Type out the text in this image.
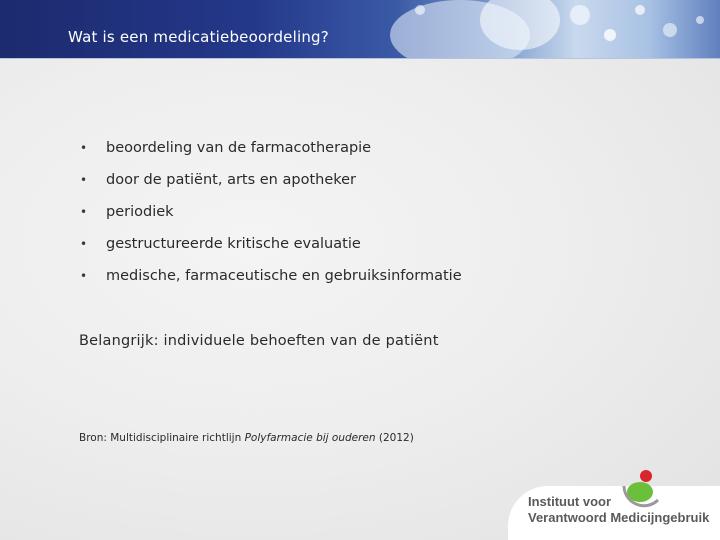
Wat is een medicatiebeoordeling?
•	beoordeling van de farmacotherapie
•	door de patiënt, arts en apotheker
•	periodiek
•	gestructureerde kritische evaluatie
•	medische, farmaceutische en gebruiksinformatie
Belangrijk: individuele behoeften van de patiënt
Bron: Multidisciplinaire richtlijn Polyfarmacie bij ouderen (2012)
Instituut voor
Verantwoord Medicijngebruik
